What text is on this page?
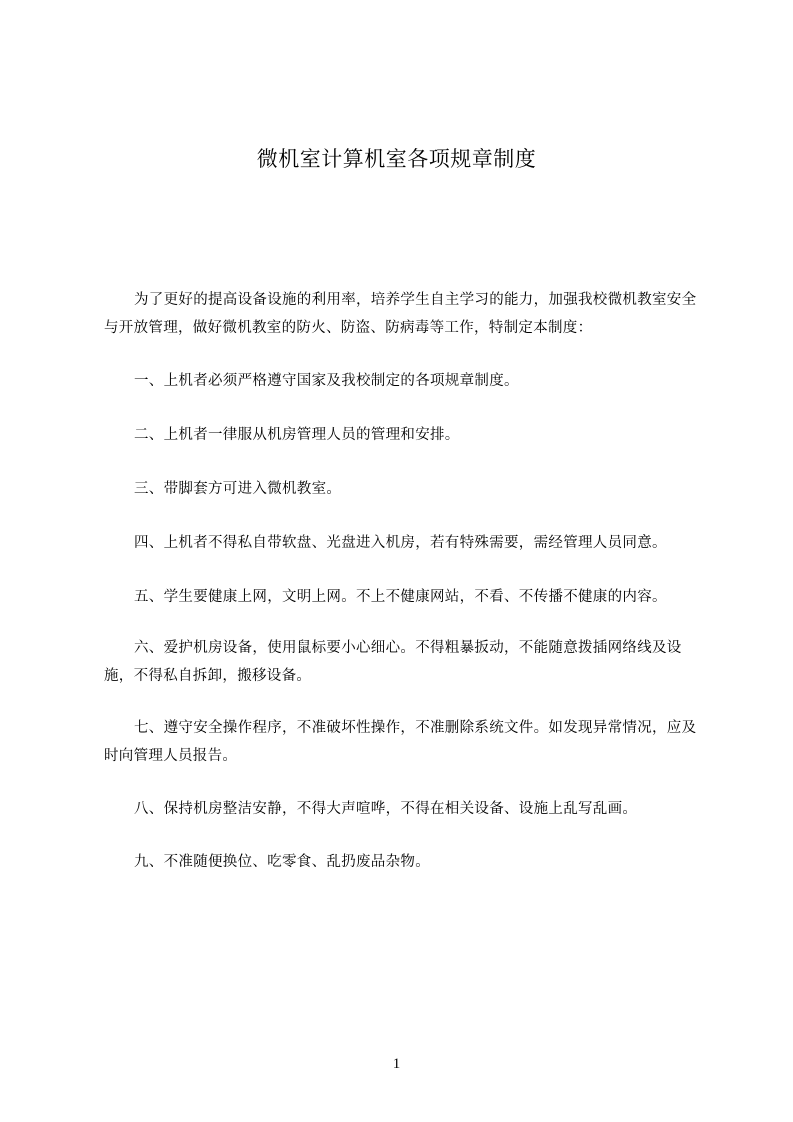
微机室计算机室各项规章制度
为了更好的提高设备设施的利用率，培养学生自主学习的能力，加强我校微机教室安全与开放管理，做好微机教室的防火、防盗、防病毒等工作，特制定本制度：
一、上机者必须严格遵守国家及我校制定的各项规章制度。
二、上机者一律服从机房管理人员的管理和安排。
三、带脚套方可进入微机教室。
四、上机者不得私自带软盘、光盘进入机房，若有特殊需要，需经管理人员同意。
五、学生要健康上网，文明上网。不上不健康网站，不看、不传播不健康的内容。
六、爱护机房设备，使用鼠标要小心细心。不得粗暴扳动，不能随意拨插网络线及设施，不得私自拆卸，搬移设备。
七、遵守安全操作程序，不准破坏性操作，不准删除系统文件。如发现异常情况，应及时向管理人员报告。
八、保持机房整洁安静，不得大声喧哗，不得在相关设备、设施上乱写乱画。
九、不准随便换位、吃零食、乱扔废品杂物。
1
